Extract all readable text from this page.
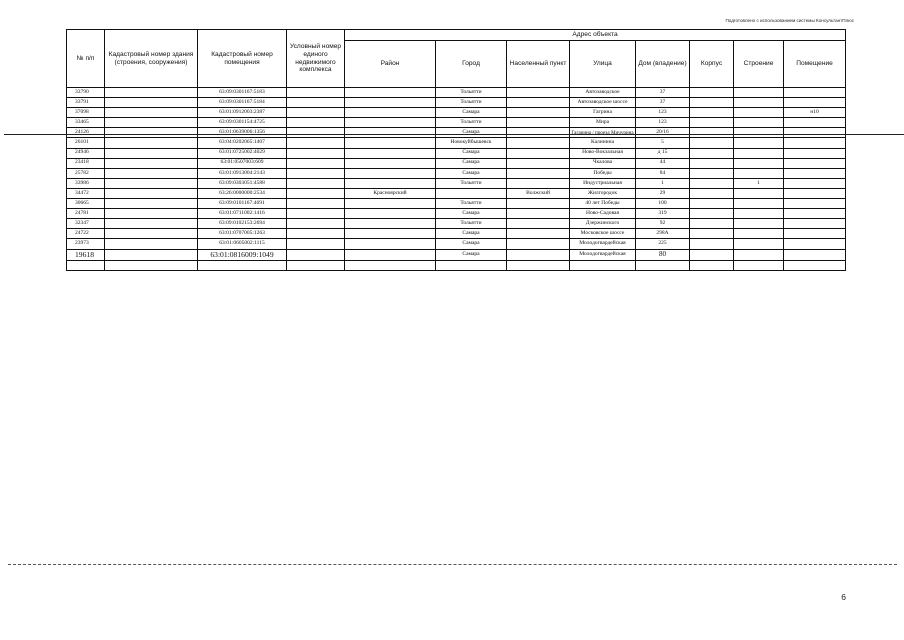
Подготовлено с использованием системы КонсультантПлюс
№ п/п	Кадастровый номер здания (строения, сооружения)	Кадастровый номер помещения	Условный номер единого недвижимого комплекса	Адрес объекта							
				Район	Город	Населенный пункт	Улица	Дом (владение)	Корпус	Строение	Помещение
33790		63:09:0301167:5183			Тольятти		Автозаводское	37			
33791		63:09:0301167:5184			Тольятти		Автозаводское шоссе	37			
37098		63:01:0912003:2387			Самара		Гагрина	123			н10
33465		63:09:0301154:4725			Тольятти		Мира	123			
24126		63:01:0639006:1356			Самара		Гагарина / проезд Мичурина	20/16			
26101		63:04:0202065:1407			Новокуйбышевск		Калинина	5			
24946		63:01:0725002:4029			Самара		Ново-Вокзальная	д 15			
23418		63:01:0507003:609			Самара		Чкалова	44			
25782		63:01:0913004:2143			Самара		Победы	84			
33986		63:09:0303051:4588			Тольятти		Индустриальная	1		1	
34472		63:26:0000000:2534		Красноярский		Волжский	Жилгородок	29			
30665		63:09:0101167:4691			Тольятти		40 лет Победы	100			
24781		63:01:0711002:1416			Самара		Ново-Садовая	319			
32347		63:09:0102153:2694			Тольятти		Дзержинского	92			
24722		63:01:0707005:1263			Самара		Московское шоссе	298А			
23973		63:01:0605002:1115			Самара		Молодогвардейская	225			
19618		63:01:0816009:1049			Самара		Молодогвардейская	80			

6
